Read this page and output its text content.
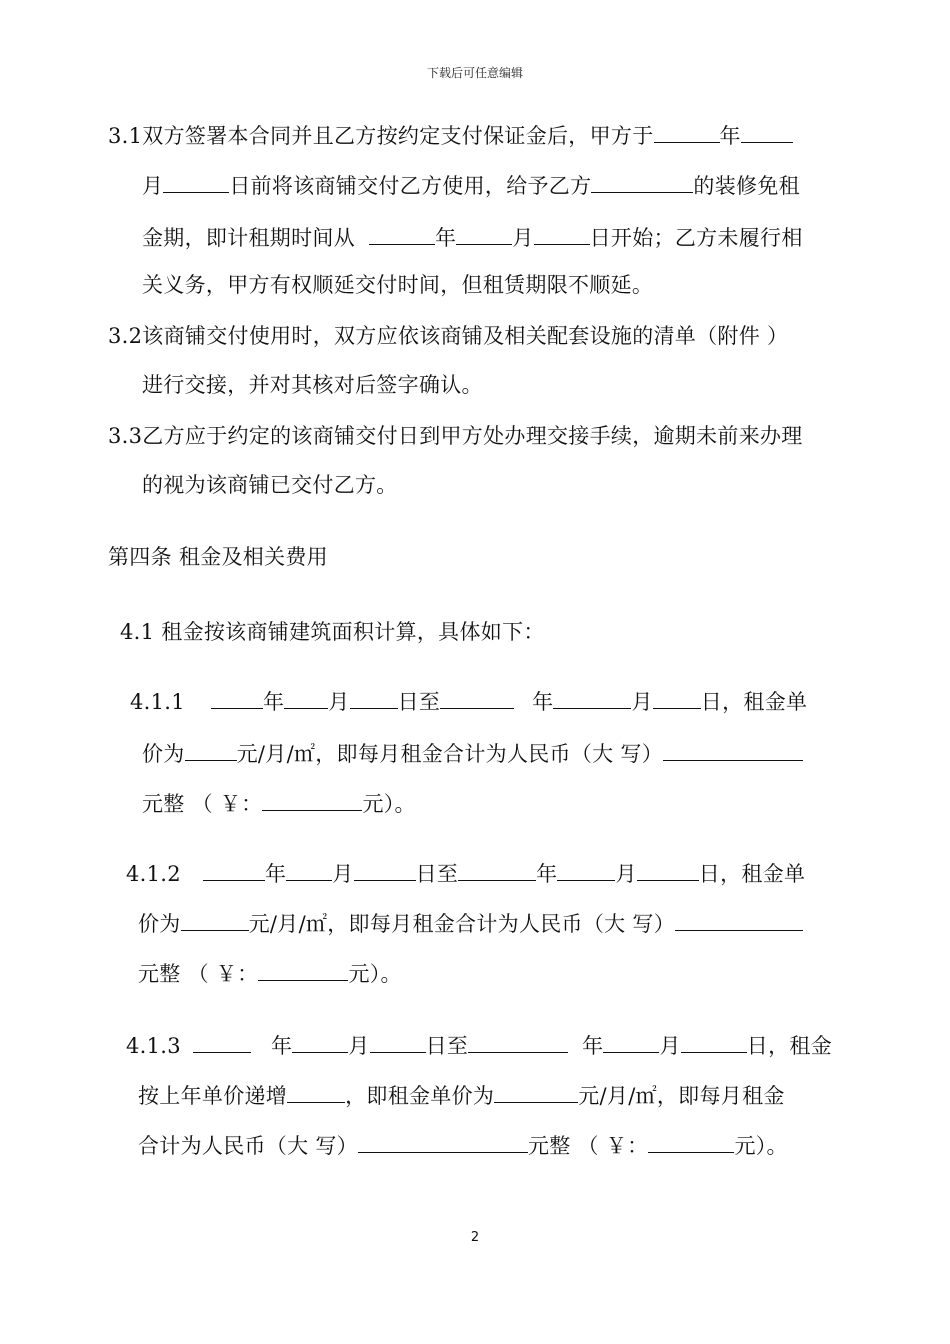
下载后可任意编辑
3.1双方签署本合同并且乙方按约定支付保证金后，甲方于	年
月	日前将该商铺交付乙方使用，给予乙方	的装修免租
金期，即计租期时间从	年	月	日开始；乙方未履行相
关义务，甲方有权顺延交付时间，但租赁期限不顺延。
3.2该商铺交付使用时，双方应依该商铺及相关配套设施的清单（附件 ）
进行交接，并对其核对后签字确认。
3.3乙方应于约定的该商铺交付日到甲方处办理交接手续，逾期未前来办理
的视为该商铺已交付乙方。
第四条 租金及相关费用
4.1 租金按该商铺建筑面积计算，具体如下：
4.1.1	年 月 日至	年	月 日，租金单
价为 元/月/㎡，即每月租金合计为人民币（大 写）
元整 （ ￥：	元）。
4.1.2	年 月	日至	年	月	日，租金单
价为	元/月/㎡，即每月租金合计为人民币（大 写）
元整 （ ￥：	元）。
4.1.3	年	月	日至	年	月	日，租金
按上年单价递增	，即租金单价为	元/月/㎡，即每月租金
合计为人民币（大 写）	元整 （ ￥：	元）。
2
